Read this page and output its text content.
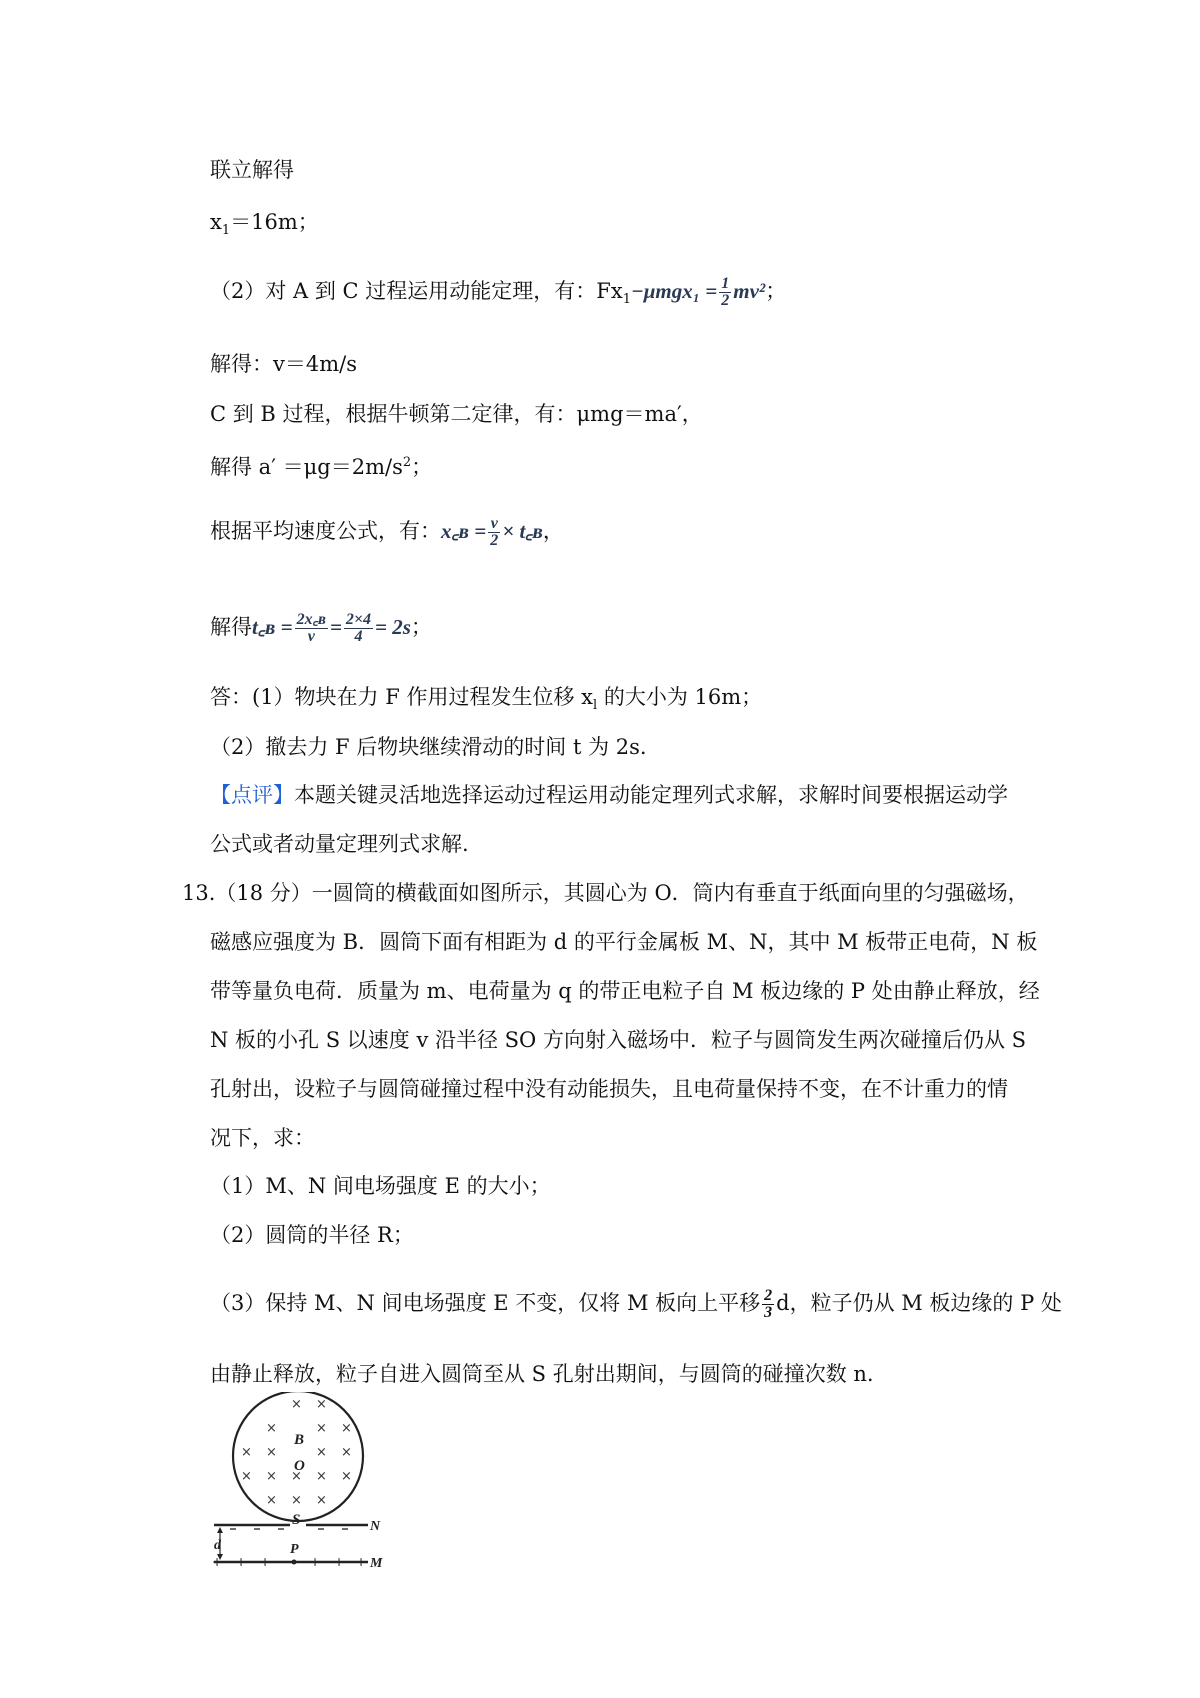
联立解得
$x_1=16m$；
（2）对 A 到 C 过程运用动能定理，有：$Fx_1-\mu mgx_1 = \frac{1}{2} mv^2$；
解得：v＝4m/s
C 到 B 过程，根据牛顿第二定律，有：μmg＝ma′，
解得 $a' =\mu g=2m/s^2$；
根据平均速度公式，有：x꜀ʙ = $\frac{v}{2}$ × t꜀ʙ，
解得t꜀ʙ = $\frac{\text{2x꜀ʙ}}{v} = \frac{2\times 4}{4} = 2s$；
答：(1）物块在力 F 作用过程发生位移 $x_l$ 的大小为 16m；
（2）撤去力 F 后物块继续滑动的时间 t 为 2s.
【点评】本题关键灵活地选择运动过程运用动能定理列式求解，求解时间要根据运动学
公式或者动量定理列式求解.
13.（18 分）一圆筒的横截面如图所示，其圆心为 O．筒内有垂直于纸面向里的匀强磁场，
磁感应强度为 B．圆筒下面有相距为 d 的平行金属板 M、N，其中 M 板带正电荷，N 板
带等量负电荷．质量为 m、电荷量为 q 的带正电粒子自 M 板边缘的 P 处由静止释放，经
N 板的小孔 S 以速度 v 沿半径 SO 方向射入磁场中．粒子与圆筒发生两次碰撞后仍从 S
孔射出，设粒子与圆筒碰撞过程中没有动能损失，且电荷量保持不变，在不计重力的情
况下，求：
（1）M、N 间电场强度 E 的大小；
（2）圆筒的半径 R；
（3）保持 M、N 间电场强度 E 不变，仅将 M 板向上平移 $\frac{2}{3}$ d，粒子仍从 M 板边缘的 P 处
由静止释放，粒子自进入圆筒至从 S 孔射出期间，与圆筒的碰撞次数 n.
× ×
×	× ×
× ×	× ×
× × × × ×
× × ×
B
O
S	N
d
+ + +	+ + + M
P
